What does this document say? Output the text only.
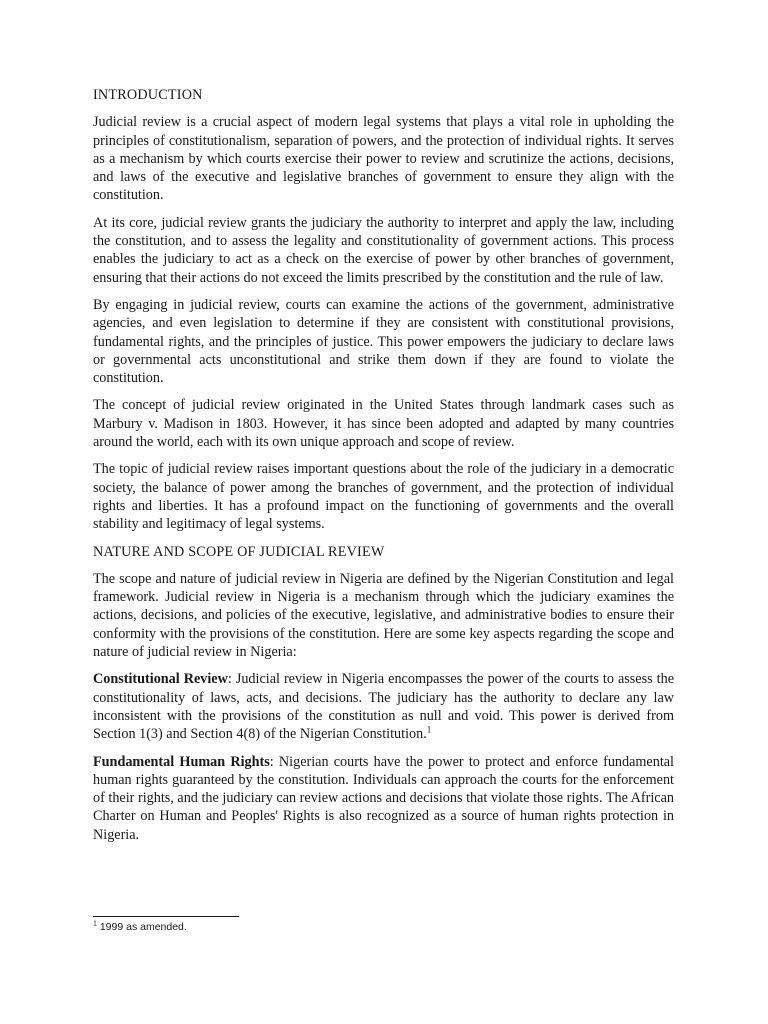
INTRODUCTION

Judicial review is a crucial aspect of modern legal systems that plays a vital role in upholding the principles of constitutionalism, separation of powers, and the protection of individual rights. It serves as a mechanism by which courts exercise their power to review and scrutinize the actions, decisions, and laws of the executive and legislative branches of government to ensure they align with the constitution.

At its core, judicial review grants the judiciary the authority to interpret and apply the law, including the constitution, and to assess the legality and constitutionality of government actions. This process enables the judiciary to act as a check on the exercise of power by other branches of government, ensuring that their actions do not exceed the limits prescribed by the constitution and the rule of law.

By engaging in judicial review, courts can examine the actions of the government, administrative agencies, and even legislation to determine if they are consistent with constitutional provisions, fundamental rights, and the principles of justice. This power empowers the judiciary to declare laws or governmental acts unconstitutional and strike them down if they are found to violate the constitution.

The concept of judicial review originated in the United States through landmark cases such as Marbury v. Madison in 1803. However, it has since been adopted and adapted by many countries around the world, each with its own unique approach and scope of review.

The topic of judicial review raises important questions about the role of the judiciary in a democratic society, the balance of power among the branches of government, and the protection of individual rights and liberties. It has a profound impact on the functioning of governments and the overall stability and legitimacy of legal systems.

NATURE AND SCOPE OF JUDICIAL REVIEW

The scope and nature of judicial review in Nigeria are defined by the Nigerian Constitution and legal framework. Judicial review in Nigeria is a mechanism through which the judiciary examines the actions, decisions, and policies of the executive, legislative, and administrative bodies to ensure their conformity with the provisions of the constitution. Here are some key aspects regarding the scope and nature of judicial review in Nigeria:

Constitutional Review: Judicial review in Nigeria encompasses the power of the courts to assess the constitutionality of laws, acts, and decisions. The judiciary has the authority to declare any law inconsistent with the provisions of the constitution as null and void. This power is derived from Section 1(3) and Section 4(8) of the Nigerian Constitution.$^1$

Fundamental Human Rights: Nigerian courts have the power to protect and enforce fundamental human rights guaranteed by the constitution. Individuals can approach the courts for the enforcement of their rights, and the judiciary can review actions and decisions that violate those rights. The African Charter on Human and Peoples' Rights is also recognized as a source of human rights protection in Nigeria.

$^1$ 1999 as amended.
